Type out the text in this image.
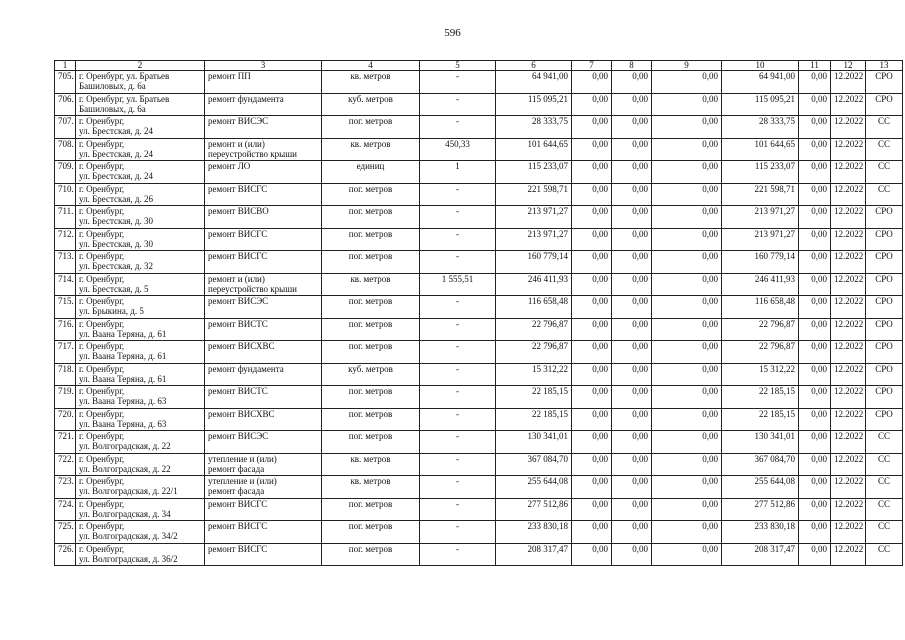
596
1	2	3	4	5	6	7	8	9	10	11	12	13
705.	г. Оренбург, ул. Братьев
Башиловых, д. 6а	ремонт ПП	кв. метров	-	64 941,00	0,00	0,00	0,00	64 941,00	0,00	12.2022	СРО
706.	г. Оренбург, ул. Братьев
Башиловых, д. 6а	ремонт фундамента	куб. метров	-	115 095,21	0,00	0,00	0,00	115 095,21	0,00	12.2022	СРО
707.	г. Оренбург,
ул. Брестская, д. 24	ремонт ВИСЭС	пог. метров	-	28 333,75	0,00	0,00	0,00	28 333,75	0,00	12.2022	СС
708.	г. Оренбург,
ул. Брестская, д. 24	ремонт и (или)
переустройство крыши	кв. метров	450,33	101 644,65	0,00	0,00	0,00	101 644,65	0,00	12.2022	СС
709.	г. Оренбург,
ул. Брестская, д. 24	ремонт ЛО	единиц	1	115 233,07	0,00	0,00	0,00	115 233,07	0,00	12.2022	СС
710.	г. Оренбург,
ул. Брестская, д. 26	ремонт ВИСГС	пог. метров	-	221 598,71	0,00	0,00	0,00	221 598,71	0,00	12.2022	СС
711.	г. Оренбург,
ул. Брестская, д. 30	ремонт ВИСВО	пог. метров	-	213 971,27	0,00	0,00	0,00	213 971,27	0,00	12.2022	СРО
712.	г. Оренбург,
ул. Брестская, д. 30	ремонт ВИСГС	пог. метров	-	213 971,27	0,00	0,00	0,00	213 971,27	0,00	12.2022	СРО
713.	г. Оренбург,
ул. Брестская, д. 32	ремонт ВИСГС	пог. метров	-	160 779,14	0,00	0,00	0,00	160 779,14	0,00	12.2022	СРО
714.	г. Оренбург,
ул. Брестская, д. 5	ремонт и (или)
переустройство крыши	кв. метров	1 555,51	246 411,93	0,00	0,00	0,00	246 411,93	0,00	12.2022	СРО
715.	г. Оренбург,
ул. Брыкина, д. 5	ремонт ВИСЭС	пог. метров	-	116 658,48	0,00	0,00	0,00	116 658,48	0,00	12.2022	СРО
716.	г. Оренбург,
ул. Ваана Теряна, д. 61	ремонт ВИСТС	пог. метров	-	22 796,87	0,00	0,00	0,00	22 796,87	0,00	12.2022	СРО
717.	г. Оренбург,
ул. Ваана Теряна, д. 61	ремонт ВИСХВС	пог. метров	-	22 796,87	0,00	0,00	0,00	22 796,87	0,00	12.2022	СРО
718.	г. Оренбург,
ул. Ваана Теряна, д. 61	ремонт фундамента	куб. метров	-	15 312,22	0,00	0,00	0,00	15 312,22	0,00	12.2022	СРО
719.	г. Оренбург,
ул. Ваана Теряна, д. 63	ремонт ВИСТС	пог. метров	-	22 185,15	0,00	0,00	0,00	22 185,15	0,00	12.2022	СРО
720.	г. Оренбург,
ул. Ваана Теряна, д. 63	ремонт ВИСХВС	пог. метров	-	22 185,15	0,00	0,00	0,00	22 185,15	0,00	12.2022	СРО
721.	г. Оренбург,
ул. Волгоградская, д. 22	ремонт ВИСЭС	пог. метров	-	130 341,01	0,00	0,00	0,00	130 341,01	0,00	12.2022	СС
722.	г. Оренбург,
ул. Волгоградская, д. 22	утепление и (или)
ремонт фасада	кв. метров	-	367 084,70	0,00	0,00	0,00	367 084,70	0,00	12.2022	СС
723.	г. Оренбург,
ул. Волгоградская, д. 22/1	утепление и (или)
ремонт фасада	кв. метров	-	255 644,08	0,00	0,00	0,00	255 644,08	0,00	12.2022	СС
724.	г. Оренбург,
ул. Волгоградская, д. 34	ремонт ВИСГС	пог. метров	-	277 512,86	0,00	0,00	0,00	277 512,86	0,00	12.2022	СС
725.	г. Оренбург,
ул. Волгоградская, д. 34/2	ремонт ВИСГС	пог. метров	-	233 830,18	0,00	0,00	0,00	233 830,18	0,00	12.2022	СС
726.	г. Оренбург,
ул. Волгоградская, д. 36/2	ремонт ВИСГС	пог. метров	-	208 317,47	0,00	0,00	0,00	208 317,47	0,00	12.2022	СС
